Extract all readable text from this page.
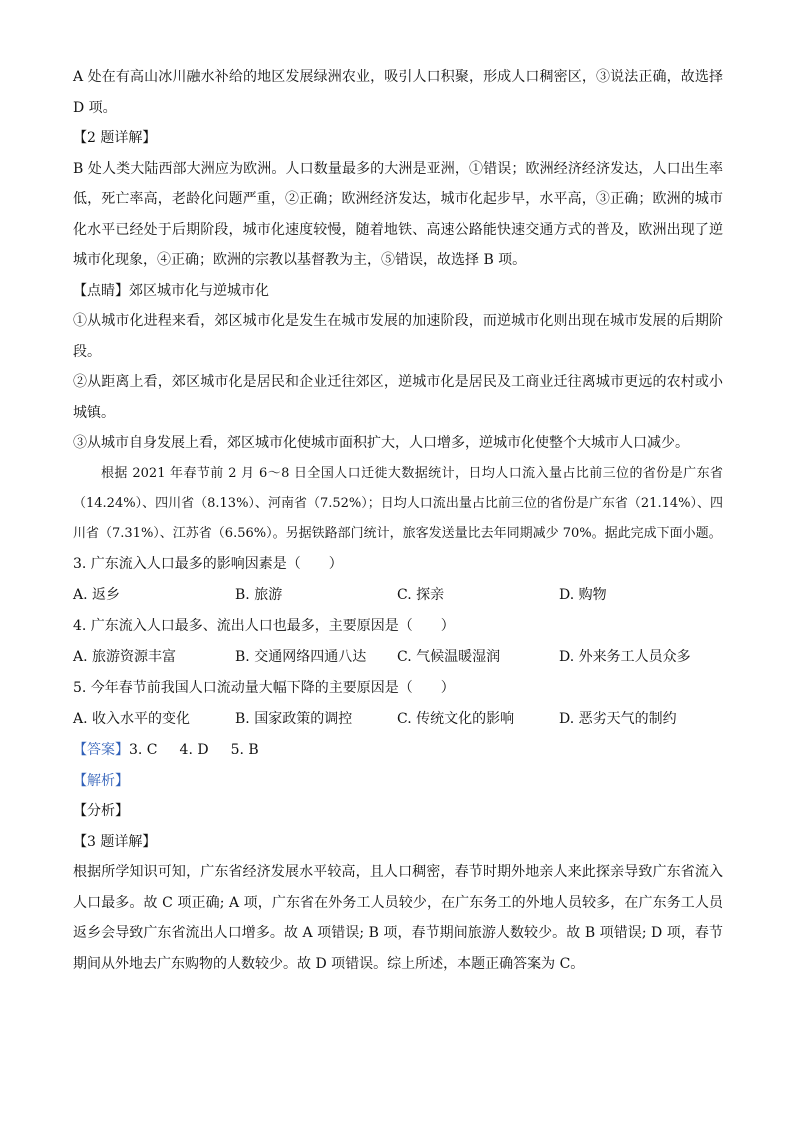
A 处在有高山冰川融水补给的地区发展绿洲农业，吸引人口积聚，形成人口稠密区，③说法正确，故选择 D 项。

【2 题详解】

B 处人类大陆西部大洲应为欧洲。人口数量最多的大洲是亚洲，①错误；欧洲经济经济发达，人口出生率低，死亡率高，老龄化问题严重，②正确；欧洲经济发达，城市化起步早，水平高，③正确；欧洲的城市化水平已经处于后期阶段，城市化速度较慢，随着地铁、高速公路能快速交通方式的普及，欧洲出现了逆城市化现象，④正确；欧洲的宗教以基督教为主，⑤错误，故选择 B 项。

【点睛】郊区城市化与逆城市化

①从城市化进程来看，郊区城市化是发生在城市发展的加速阶段，而逆城市化则出现在城市发展的后期阶段。

②从距离上看，郊区城市化是居民和企业迁往郊区，逆城市化是居民及工商业迁往离城市更远的农村或小城镇。

③从城市自身发展上看，郊区城市化使城市面积扩大，人口增多，逆城市化使整个大城市人口减少。

根据 2021 年春节前 2 月 6～8 日全国人口迁徙大数据统计，日均人口流入量占比前三位的省份是广东省（14.24%）、四川省（8.13%）、河南省（7.52%）；日均人口流出量占比前三位的省份是广东省（21.14%）、四川省（7.31%）、江苏省（6.56%）。另据铁路部门统计，旅客发送量比去年同期减少 70%。据此完成下面小题。

3. 广东流入人口最多的影响因素是（　　）

A. 返乡	B. 旅游	C. 探亲	D. 购物

4. 广东流入人口最多、流出人口也最多，主要原因是（　　）

A. 旅游资源丰富	B. 交通网络四通八达	C. 气候温暖湿润	D. 外来务工人员众多

5. 今年春节前我国人口流动量大幅下降的主要原因是（　　）

A. 收入水平的变化	B. 国家政策的调控	C. 传统文化的影响	D. 恶劣天气的制约

【答案】3. C 4. D 5. B

【解析】

【分析】

【3 题详解】

根据所学知识可知，广东省经济发展水平较高，且人口稠密，春节时期外地亲人来此探亲导致广东省流入人口最多。故 C 项正确; A 项，广东省在外务工人员较少，在广东务工的外地人员较多，在广东务工人员返乡会导致广东省流出人口增多。故 A 项错误; B 项，春节期间旅游人数较少。故 B 项错误; D 项，春节期间从外地去广东购物的人数较少。故 D 项错误。综上所述，本题正确答案为 C。
